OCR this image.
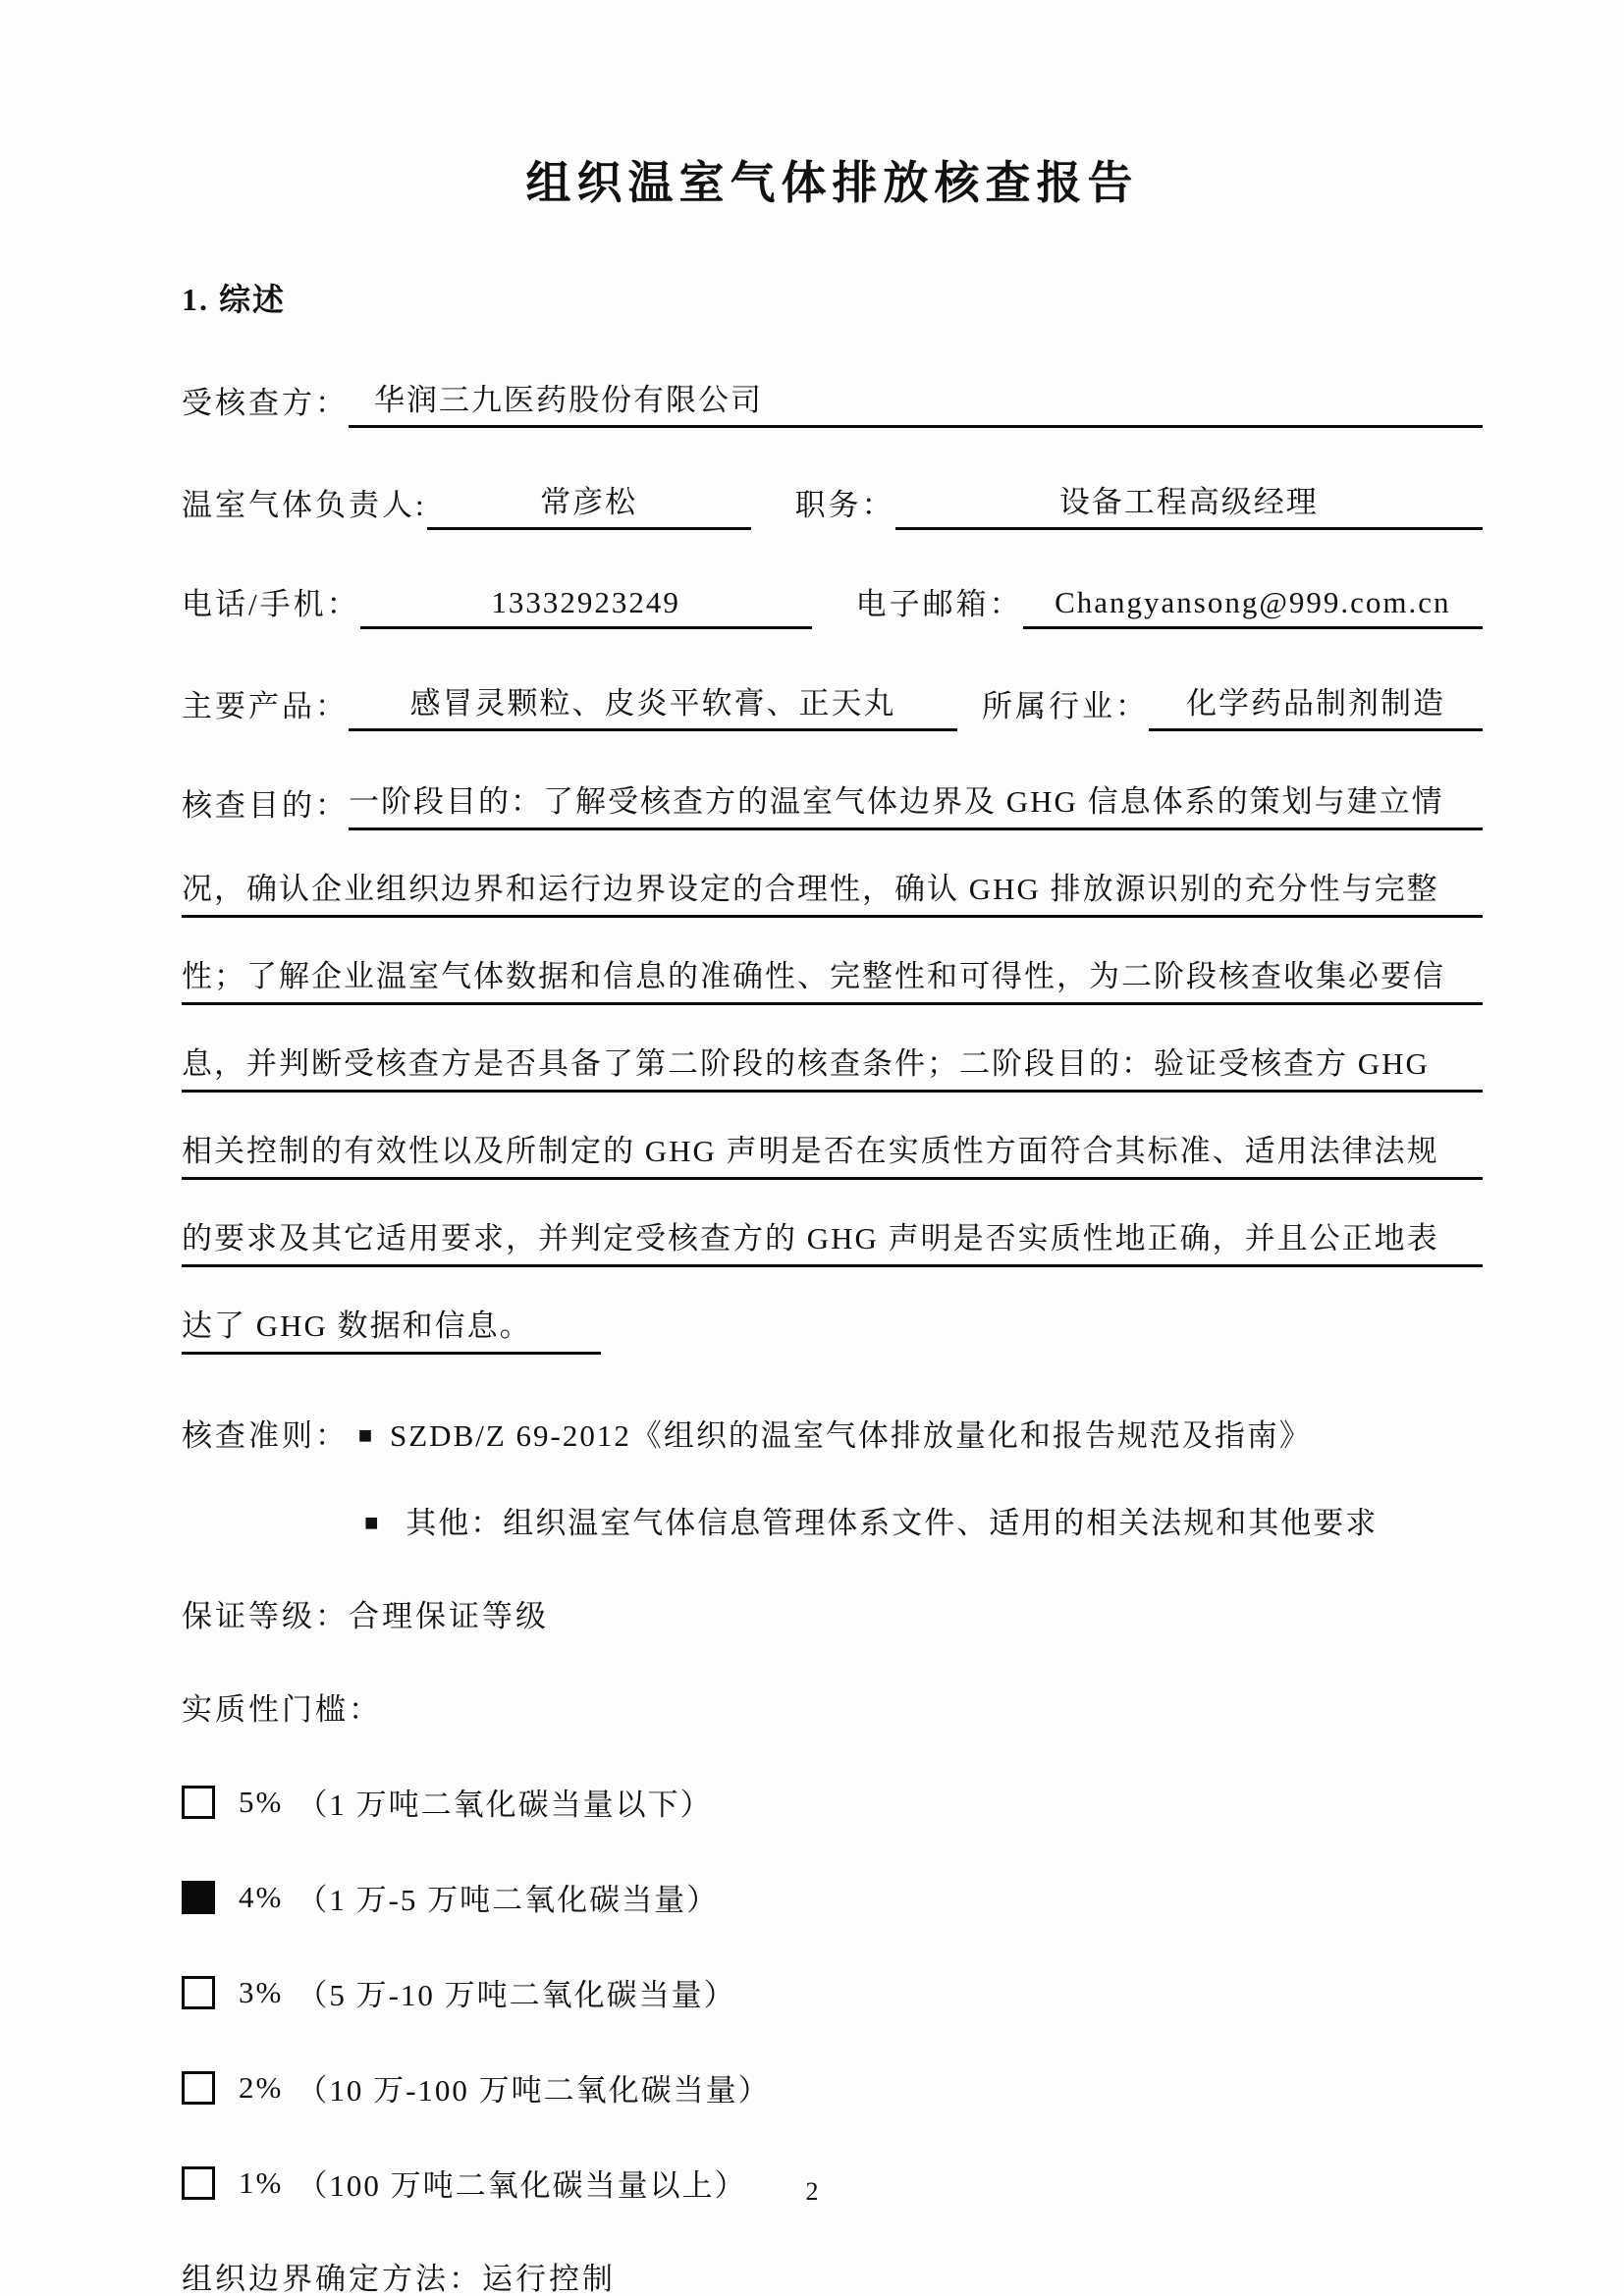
组织温室气体排放核查报告
1. 综述
受核查方： 华润三九医药股份有限公司
温室气体负责人:	常彦松	职务：	设备工程高级经理
电话/手机：	13332923249	电子邮箱：	Changyansong@999.com.cn
主要产品：	感冒灵颗粒、皮炎平软膏、正天丸	所属行业：	化学药品制剂制造
核查目的： 一阶段目的：了解受核查方的温室气体边界及 GHG 信息体系的策划与建立情
况，确认企业组织边界和运行边界设定的合理性，确认 GHG 排放源识别的充分性与完整
性；了解企业温室气体数据和信息的准确性、完整性和可得性，为二阶段核查收集必要信
息，并判断受核查方是否具备了第二阶段的核查条件；二阶段目的：验证受核查方 GHG
相关控制的有效性以及所制定的 GHG 声明是否在实质性方面符合其标准、适用法律法规
的要求及其它适用要求，并判定受核查方的 GHG 声明是否实质性地正确，并且公正地表
达了 GHG 数据和信息。
核查准则： ■ SZDB/Z 69-2012《组织的温室气体排放量化和报告规范及指南》
■ 其他：组织温室气体信息管理体系文件、适用的相关法规和其他要求
保证等级：合理保证等级
实质性门槛：
5% （1 万吨二氧化碳当量以下）
4% （1 万-5 万吨二氧化碳当量）
3% （5 万-10 万吨二氧化碳当量）
2% （10 万-100 万吨二氧化碳当量）
1% （100 万吨二氧化碳当量以上）
组织边界确定方法：运行控制
2
